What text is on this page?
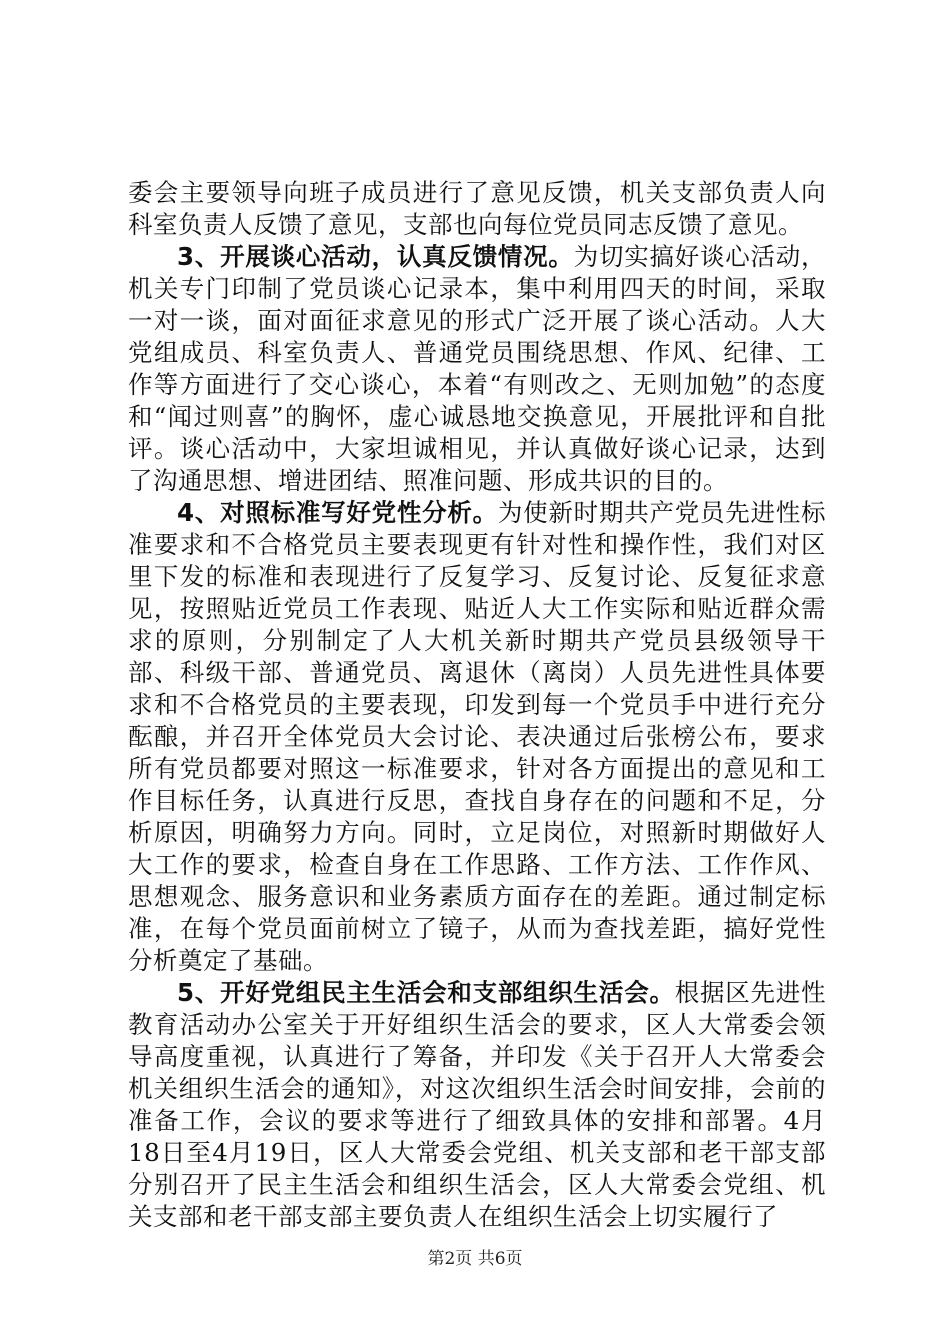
委会主要领导向班子成员进行了意见反馈，机关支部负责人向科室负责人反馈了意见，支部也向每位党员同志反馈了意见。

3、开展谈心活动，认真反馈情况。为切实搞好谈心活动，机关专门印制了党员谈心记录本，集中利用四天的时间，采取一对一谈，面对面征求意见的形式广泛开展了谈心活动。人大党组成员、科室负责人、普通党员围绕思想、作风、纪律、工作等方面进行了交心谈心，本着“有则改之、无则加勉”的态度和“闻过则喜”的胸怀，虚心诚恳地交换意见，开展批评和自批评。谈心活动中，大家坦诚相见，并认真做好谈心记录，达到了沟通思想、增进团结、照准问题、形成共识的目的。

4、对照标准写好党性分析。为使新时期共产党员先进性标准要求和不合格党员主要表现更有针对性和操作性，我们对区里下发的标准和表现进行了反复学习、反复讨论、反复征求意见，按照贴近党员工作表现、贴近人大工作实际和贴近群众需求的原则，分别制定了人大机关新时期共产党员县级领导干部、科级干部、普通党员、离退休（离岗）人员先进性具体要求和不合格党员的主要表现，印发到每一个党员手中进行充分酝酿，并召开全体党员大会讨论、表决通过后张榜公布，要求所有党员都要对照这一标准要求，针对各方面提出的意见和工作目标任务，认真进行反思，查找自身存在的问题和不足，分析原因，明确努力方向。同时，立足岗位，对照新时期做好人大工作的要求，检查自身在工作思路、工作方法、工作作风、思想观念、服务意识和业务素质方面存在的差距。通过制定标准，在每个党员面前树立了镜子，从而为查找差距，搞好党性分析奠定了基础。

5、开好党组民主生活会和支部组织生活会。根据区先进性教育活动办公室关于开好组织生活会的要求，区人大常委会领导高度重视，认真进行了筹备，并印发《关于召开人大常委会机关组织生活会的通知》，对这次组织生活会时间安排，会前的准备工作，会议的要求等进行了细致具体的安排和部署。4月18日至4月19日，区人大常委会党组、机关支部和老干部支部分别召开了民主生活会和组织生活会，区人大常委会党组、机关支部和老干部支部主要负责人在组织生活会上切实履行了

第2页 共6页
